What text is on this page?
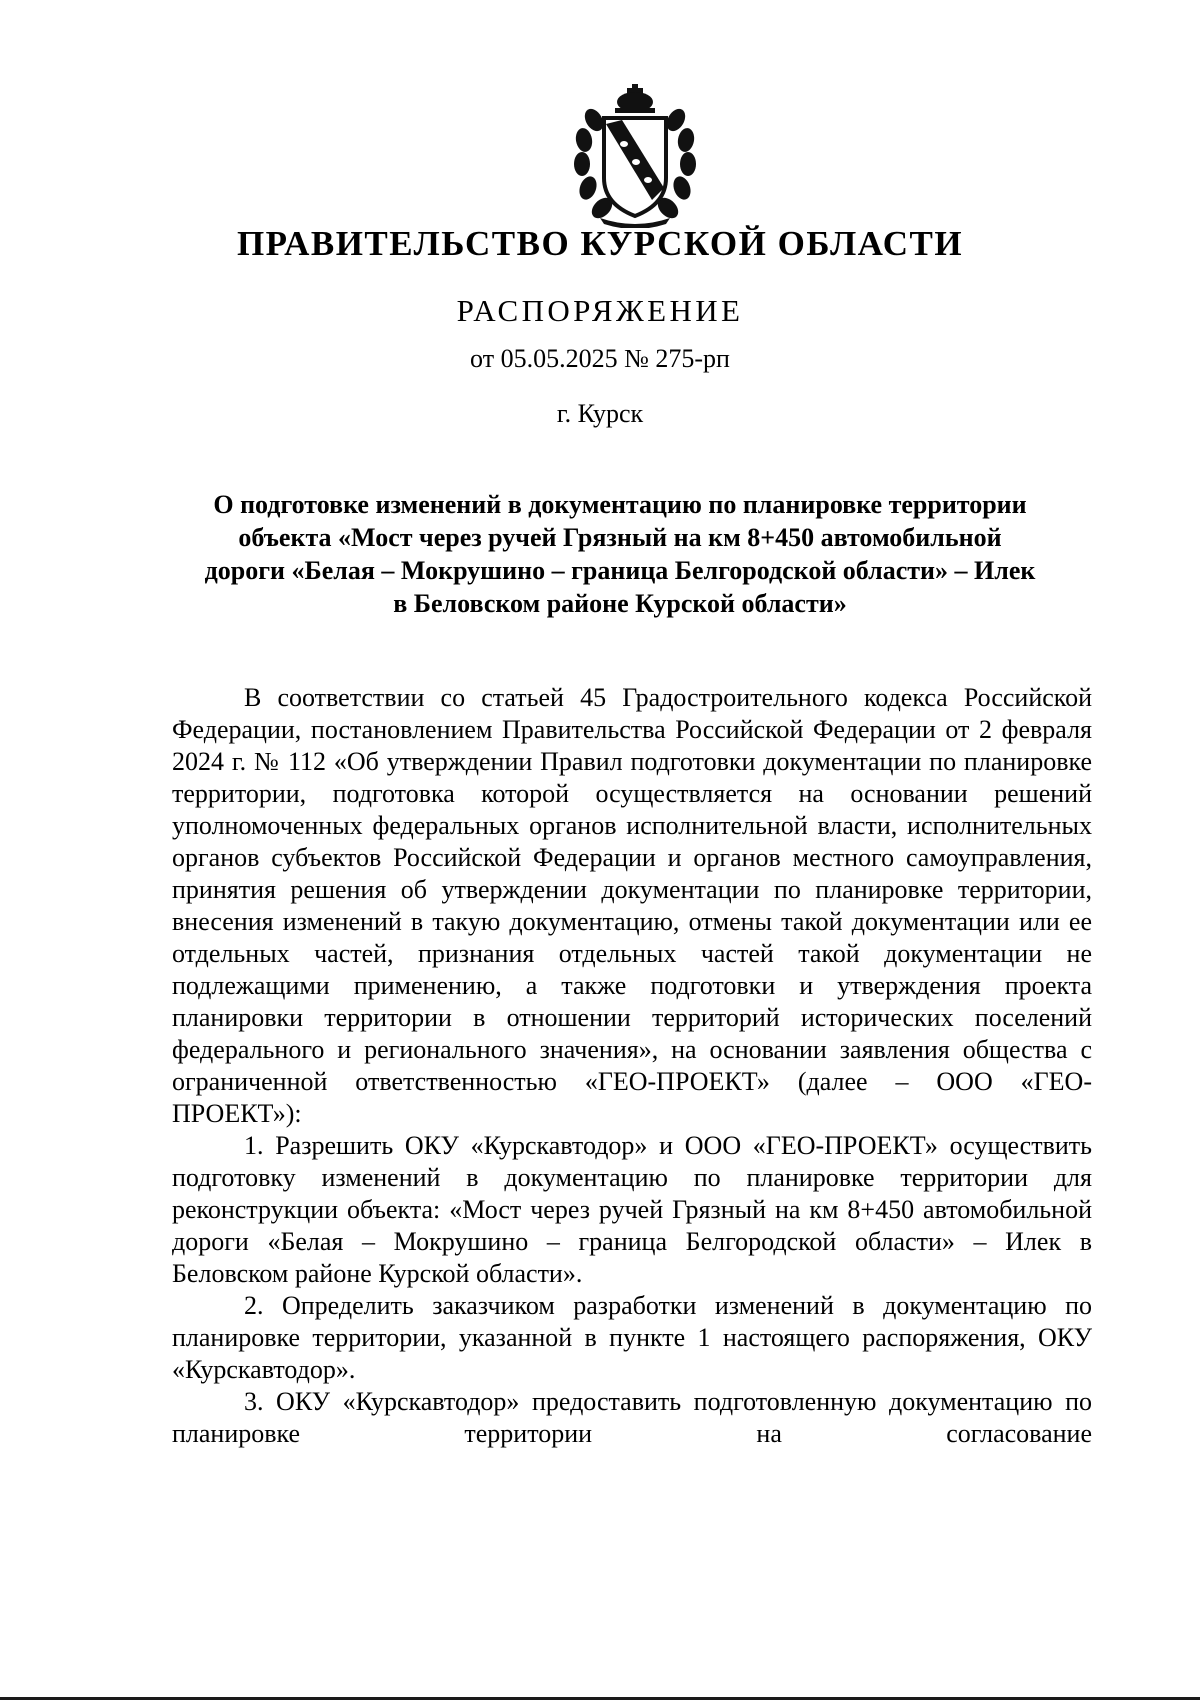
ПРАВИТЕЛЬСТВО КУРСКОЙ ОБЛАСТИ
РАСПОРЯЖЕНИЕ
от 05.05.2025 № 275-рп
г. Курск
О подготовке изменений в документацию по планировке территории
объекта «Мост через ручей Грязный на км 8+450 автомобильной
дороги «Белая – Мокрушино – граница Белгородской области» – Илек
в Беловском районе Курской области»

В соответствии со статьей 45 Градостроительного кодекса Российской Федерации, постановлением Правительства Российской Федерации от 2 февраля 2024 г. № 112 «Об утверждении Правил подготовки документации по планировке территории, подготовка которой осуществляется на основании решений уполномоченных федеральных органов исполнительной власти, исполнительных органов субъектов Российской Федерации и органов местного самоуправления, принятия решения об утверждении документации по планировке территории, внесения изменений в такую документацию, отмены такой документации или ее отдельных частей, признания отдельных частей такой документации не подлежащими применению, а также подготовки и утверждения проекта планировки территории в отношении территорий исторических поселений федерального и регионального значения», на основании заявления общества с ограниченной ответственностью «ГЕО-ПРОЕКТ» (далее – ООО «ГЕО-ПРОЕКТ»):

1. Разрешить ОКУ «Курскавтодор» и ООО «ГЕО-ПРОЕКТ» осуществить подготовку изменений в документацию по планировке территории для реконструкции объекта: «Мост через ручей Грязный на км 8+450 автомобильной дороги «Белая – Мокрушино – граница Белгородской области» – Илек в Беловском районе Курской области».

2. Определить заказчиком разработки изменений в документацию по планировке территории, указанной в пункте 1 настоящего распоряжения, ОКУ «Курскавтодор».

3. ОКУ «Курскавтодор» предоставить подготовленную документацию по планировке территории на согласование
